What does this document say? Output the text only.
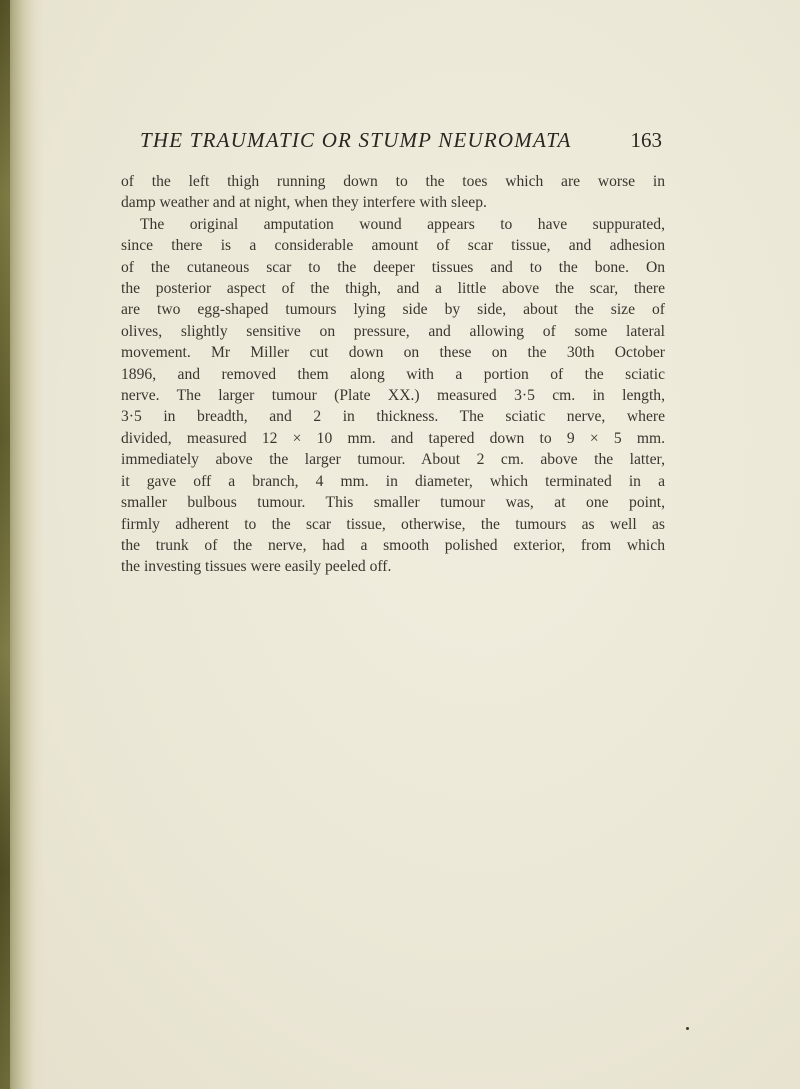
THE TRAUMATIC OR STUMP NEUROMATA	163
of the left thigh running down to the toes which are worse in
damp weather and at night, when they interfere with sleep.
The original amputation wound appears to have suppurated,
since there is a considerable amount of scar tissue, and adhesion
of the cutaneous scar to the deeper tissues and to the bone. On
the posterior aspect of the thigh, and a little above the scar, there
are two egg-shaped tumours lying side by side, about the size of
olives, slightly sensitive on pressure, and allowing of some lateral
movement. Mr Miller cut down on these on the 30th October
1896, and removed them along with a portion of the sciatic
nerve. The larger tumour (Plate XX.) measured 3·5 cm. in length,
3·5 in breadth, and 2 in thickness. The sciatic nerve, where
divided, measured 12 × 10 mm. and tapered down to 9 × 5 mm.
immediately above the larger tumour. About 2 cm. above the latter,
it gave off a branch, 4 mm. in diameter, which terminated in a
smaller bulbous tumour. This smaller tumour was, at one point,
firmly adherent to the scar tissue, otherwise, the tumours as well as
the trunk of the nerve, had a smooth polished exterior, from which
the investing tissues were easily peeled off.
